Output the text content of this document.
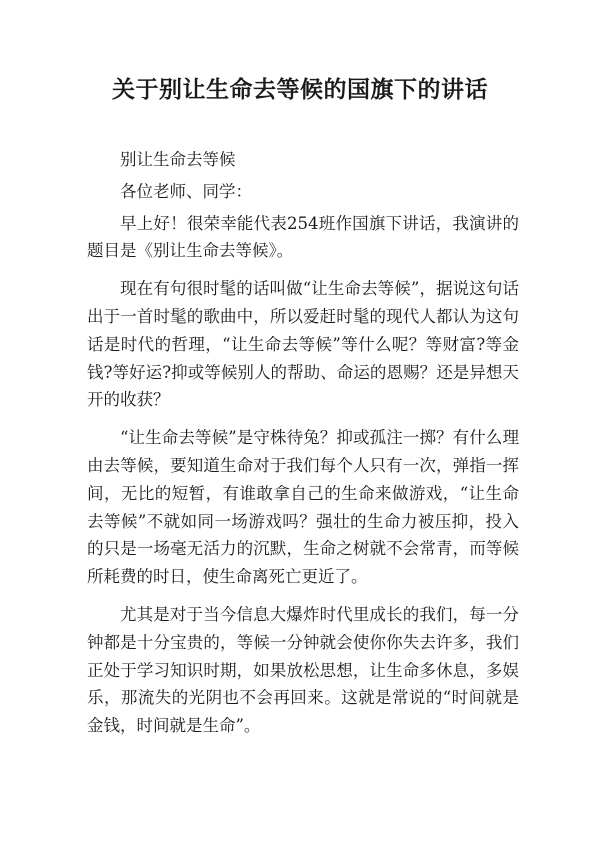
关于别让生命去等候的国旗下的讲话

别让生命去等候

各位老师、同学：

早上好！很荣幸能代表254班作国旗下讲话，我演讲的题目是《别让生命去等候》。

现在有句很时髦的话叫做“让生命去等候”，据说这句话出于一首时髦的歌曲中，所以爱赶时髦的现代人都认为这句话是时代的哲理，“让生命去等候”等什么呢？等财富?等金钱?等好运?抑或等候别人的帮助、命运的恩赐？还是异想天开的收获？

“让生命去等候”是守株待兔？抑或孤注一掷？有什么理由去等候，要知道生命对于我们每个人只有一次，弹指一挥间，无比的短暂，有谁敢拿自己的生命来做游戏，“让生命去等候”不就如同一场游戏吗？强壮的生命力被压抑，投入的只是一场毫无活力的沉默，生命之树就不会常青，而等候所耗费的时日，使生命离死亡更近了。

尤其是对于当今信息大爆炸时代里成长的我们，每一分钟都是十分宝贵的，等候一分钟就会使你你失去许多，我们正处于学习知识时期，如果放松思想，让生命多休息，多娱乐，那流失的光阴也不会再回来。这就是常说的“时间就是金钱，时间就是生命”。
